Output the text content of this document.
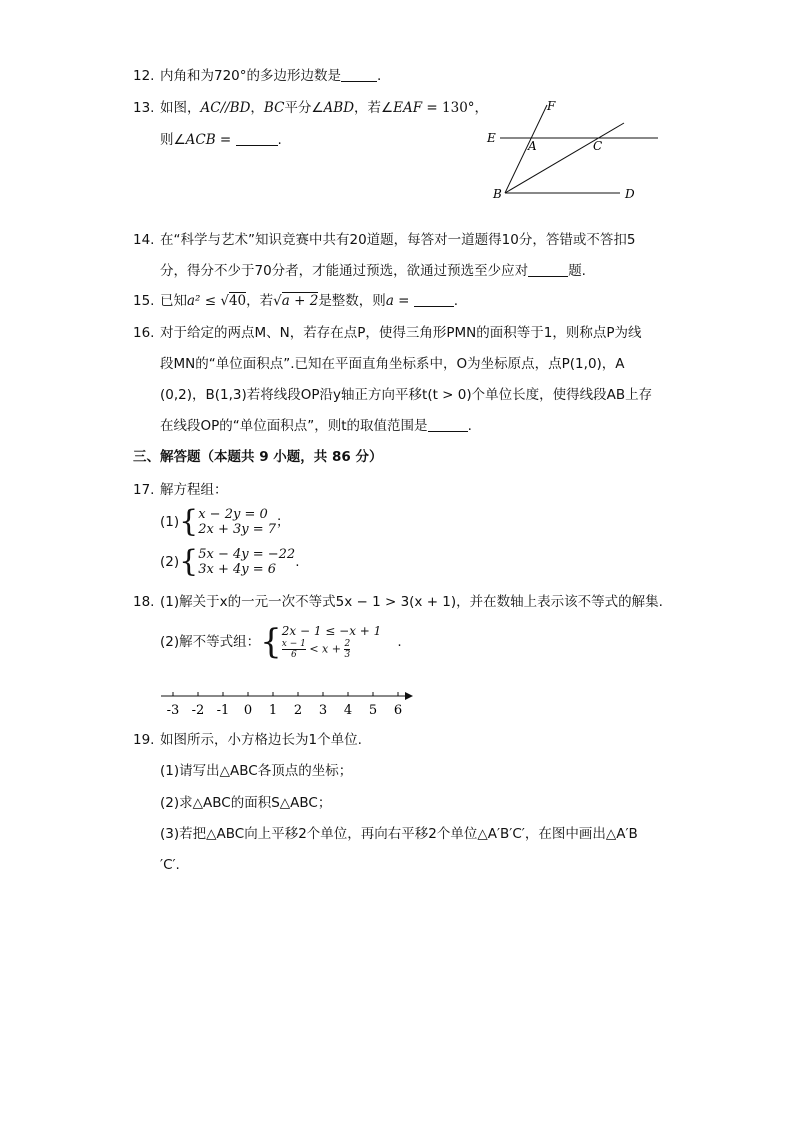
12. 内角和为720°的多边形边数是	.
13. 如图，AC//BD，BC平分∠ABD，若∠EAF = 130°，
则∠ACB =	.
F
E
A	C
B	D
14. 在“科学与艺术”知识竞赛中共有20道题，每答对一道题得10分，答错或不答扣5
分，得分不少于70分者，才能通过预选，欲通过预选至少应对	题.
15. 已知a² ≤ √40，若√a + 2是整数，则a =	.
16. 对于给定的两点M、N，若存在点P，使得三角形PMN的面积等于1，则称点P为线
段MN的“单位面积点”.已知在平面直角坐标系中，O为坐标原点，点P(1,0)，A
(0,2)，B(1,3)若将线段OP沿y轴正方向平移t(t > 0)个单位长度，使得线段AB上存
在线段OP的“单位面积点”，则t的取值范围是	.
三、解答题（本题共 9 小题，共 86 分）
17. 解方程组：
(1){ x − 2y = 0
2x + 3y = 7 ；
(2){ 5x − 4y = −22
3x + 4y = 6	.
18. (1)解关于x的一元一次不等式5x − 1 > 3(x + 1)，并在数轴上表示该不等式的解集.
(2)解不等式组：{ 2x − 1 ≤ −x + 1
$\frac{x - 1}{6} < x + \frac{2}{3}$	.
-3 -2 -1 0 1 2 3 4 5 6
19. 如图所示，小方格边长为1个单位.
(1)请写出△ABC各顶点的坐标；
(2)求△ABC的面积S△ABC；
(3)若把△ABC向上平移2个单位，再向右平移2个单位△A′B′C′，在图中画出△A′B
′C′.
